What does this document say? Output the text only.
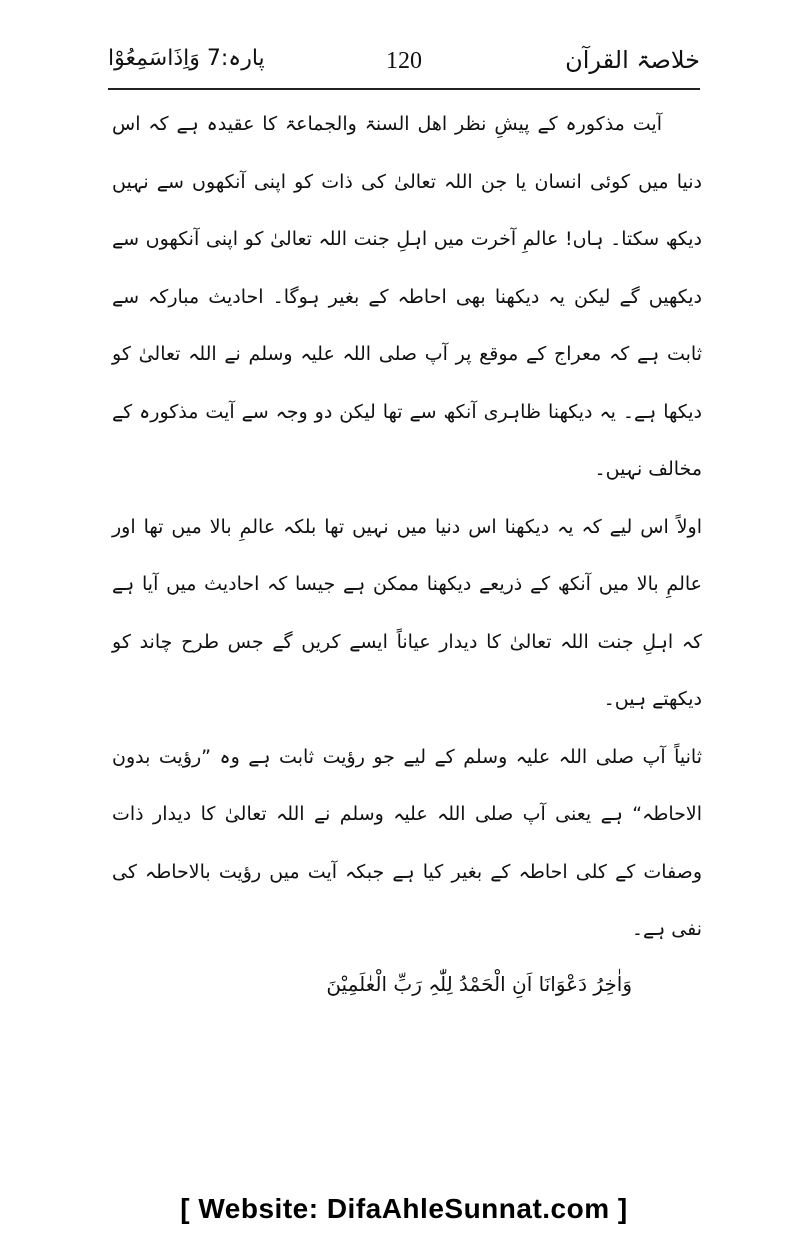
خلاصۃ القرآن
120
پارہ:7 وَاِذَاسَمِعُوْا

آیت مذکورہ کے پیشِ نظر اھل السنۃ والجماعۃ کا عقیدہ ہے کہ اس دنیا میں کوئی انسان یا جن اللہ تعالیٰ کی ذات کو اپنی آنکھوں سے نہیں دیکھ سکتا۔ ہاں! عالمِ آخرت میں اہلِ جنت اللہ تعالیٰ کو اپنی آنکھوں سے دیکھیں گے لیکن یہ دیکھنا بھی احاطہ کے بغیر ہوگا۔ احادیث مبارکہ سے ثابت ہے کہ معراج کے موقع پر آپ صلی اللہ علیہ وسلم نے اللہ تعالیٰ کو دیکھا ہے۔ یہ دیکھنا ظاہری آنکھ سے تھا لیکن دو وجہ سے آیت مذکورہ کے مخالف نہیں۔

اولاً اس لیے کہ یہ دیکھنا اس دنیا میں نہیں تھا بلکہ عالمِ بالا میں تھا اور عالمِ بالا میں آنکھ کے ذریعے دیکھنا ممکن ہے جیسا کہ احادیث میں آیا ہے کہ اہلِ جنت اللہ تعالیٰ کا دیدار عیاناً ایسے کریں گے جس طرح چاند کو دیکھتے ہیں۔

ثانیاً آپ صلی اللہ علیہ وسلم کے لیے جو رؤیت ثابت ہے وہ ”رؤیت بدون الاحاطہ“ ہے یعنی آپ صلی اللہ علیہ وسلم نے اللہ تعالیٰ کا دیدار ذات وصفات کے کلی احاطہ کے بغیر کیا ہے جبکہ آیت میں رؤیت بالاحاطہ کی نفی ہے۔

وَاٰخِرُ دَعْوَانَا اَنِ الْحَمْدُ لِلّٰہِ رَبِّ الْعٰلَمِیْنَ

[ Website: DifaAhleSunnat.com ]
